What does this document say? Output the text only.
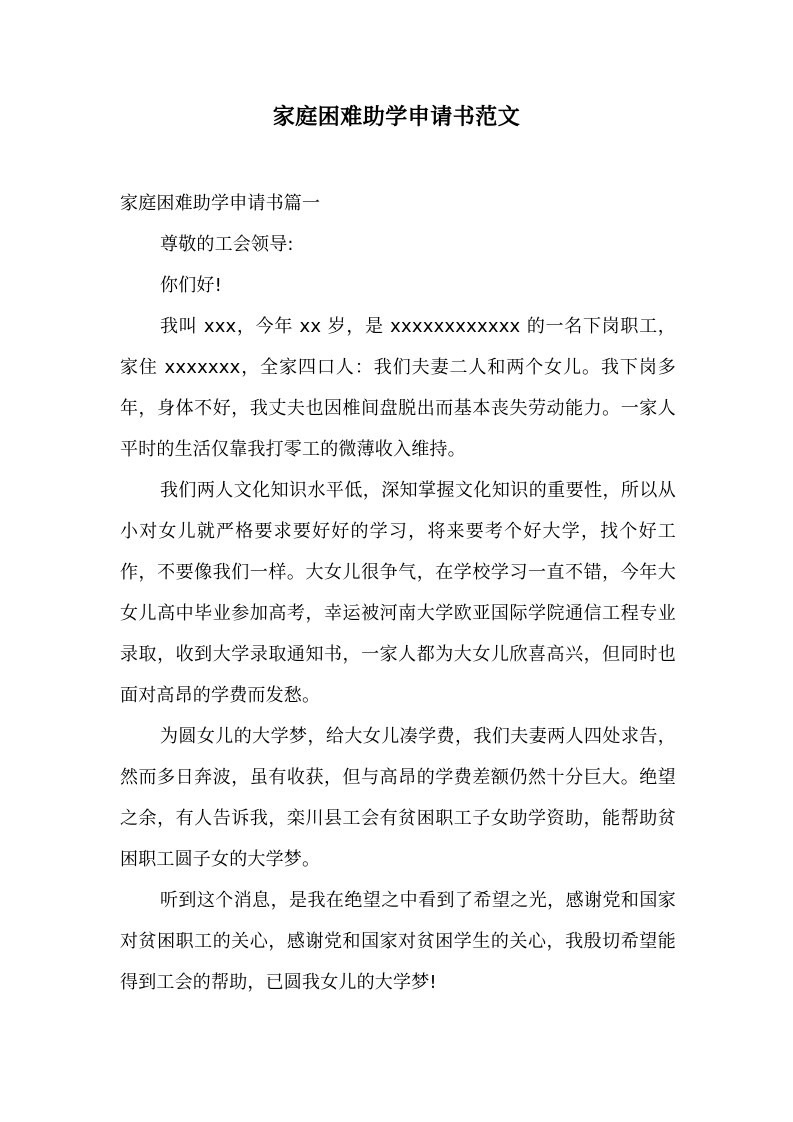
家庭困难助学申请书范文

家庭困难助学申请书篇一

尊敬的工会领导:

你们好!

我叫 xxx，今年 xx 岁，是 xxxxxxxxxxxx 的一名下岗职工，家住 xxxxxxx，全家四口人：我们夫妻二人和两个女儿。我下岗多年，身体不好，我丈夫也因椎间盘脱出而基本丧失劳动能力。一家人平时的生活仅靠我打零工的微薄收入维持。

我们两人文化知识水平低，深知掌握文化知识的重要性，所以从小对女儿就严格要求要好好的学习，将来要考个好大学，找个好工作，不要像我们一样。大女儿很争气，在学校学习一直不错，今年大女儿高中毕业参加高考，幸运被河南大学欧亚国际学院通信工程专业录取，收到大学录取通知书，一家人都为大女儿欣喜高兴，但同时也面对高昂的学费而发愁。

为圆女儿的大学梦，给大女儿凑学费，我们夫妻两人四处求告，然而多日奔波，虽有收获，但与高昂的学费差额仍然十分巨大。绝望之余，有人告诉我，栾川县工会有贫困职工子女助学资助，能帮助贫困职工圆子女的大学梦。

听到这个消息，是我在绝望之中看到了希望之光，感谢党和国家对贫困职工的关心，感谢党和国家对贫困学生的关心，我殷切希望能得到工会的帮助，已圆我女儿的大学梦!
